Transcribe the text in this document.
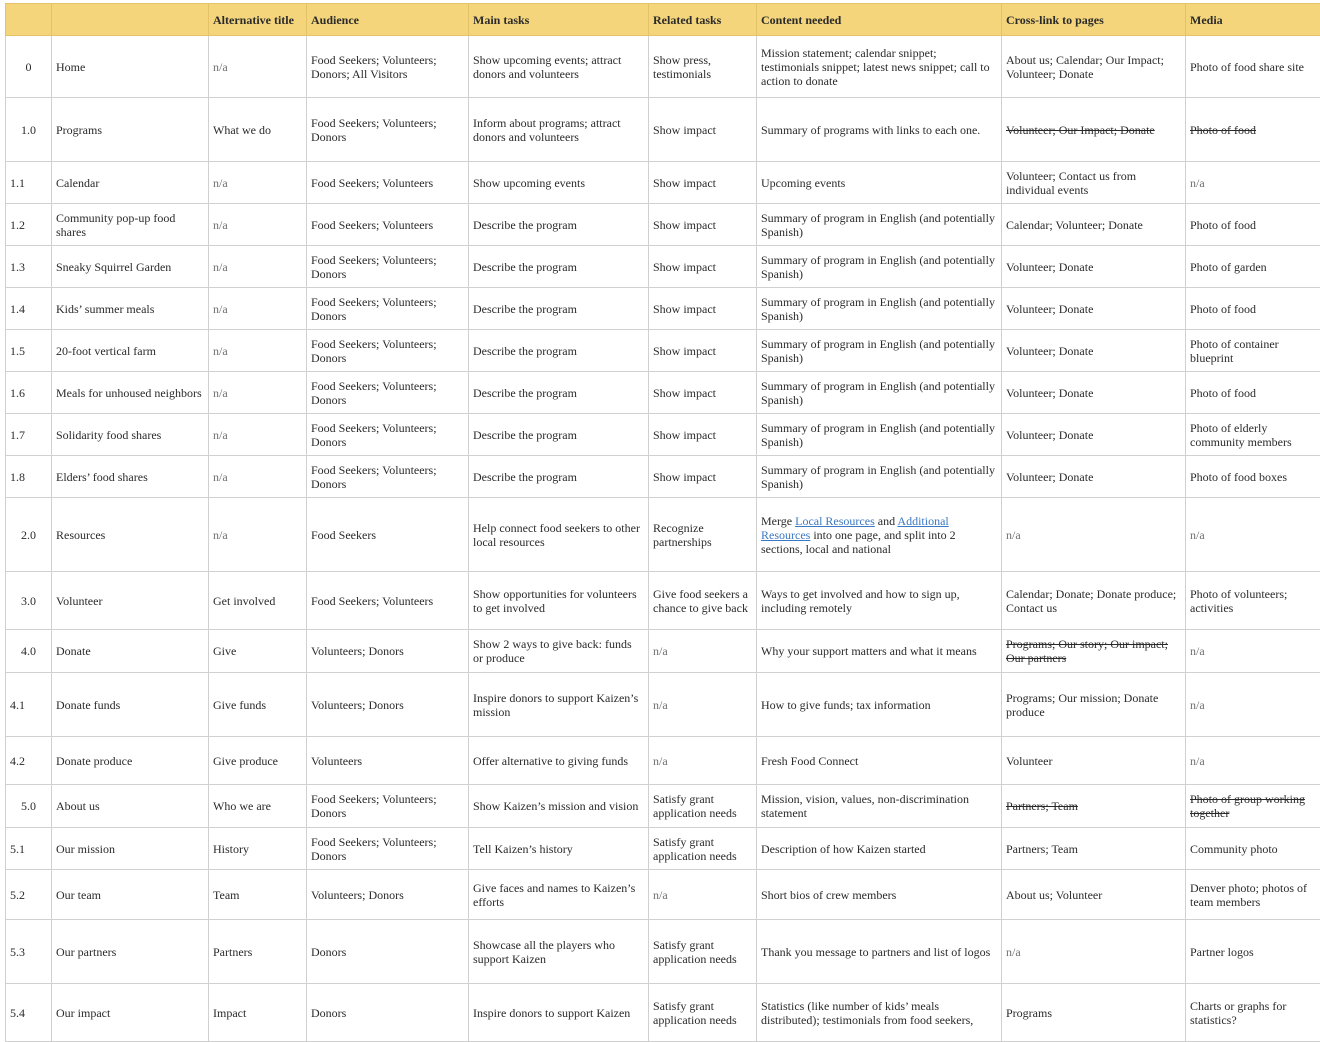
		Alternative title	Audience	Main tasks	Related tasks	Content needed	Cross-link to pages	Media
0	Home	n/a	Food Seekers; Volunteers; Donors; All Visitors	Show upcoming events; attract donors and volunteers	Show press, testimonials	Mission statement; calendar snippet; testimonials snippet; latest news snippet; call to action to donate	About us; Calendar; Our Impact; Volunteer; Donate	Photo of food share site
1.0	Programs	What we do	Food Seekers; Volunteers; Donors	Inform about programs; attract donors and volunteers	Show impact	Summary of programs with links to each one.	Volunteer; Our Impact; Donate	Photo of food
1.1	Calendar	n/a	Food Seekers; Volunteers	Show upcoming events	Show impact	Upcoming events	Volunteer; Contact us from individual events	n/a
1.2	Community pop-up food shares	n/a	Food Seekers; Volunteers	Describe the program	Show impact	Summary of program in English (and potentially Spanish)	Calendar; Volunteer; Donate	Photo of food
1.3	Sneaky Squirrel Garden	n/a	Food Seekers; Volunteers; Donors	Describe the program	Show impact	Summary of program in English (and potentially Spanish)	Volunteer; Donate	Photo of garden
1.4	Kids’ summer meals	n/a	Food Seekers; Volunteers; Donors	Describe the program	Show impact	Summary of program in English (and potentially Spanish)	Volunteer; Donate	Photo of food
1.5	20-foot vertical farm	n/a	Food Seekers; Volunteers; Donors	Describe the program	Show impact	Summary of program in English (and potentially Spanish)	Volunteer; Donate	Photo of container blueprint
1.6	Meals for unhoused neighbors	n/a	Food Seekers; Volunteers; Donors	Describe the program	Show impact	Summary of program in English (and potentially Spanish)	Volunteer; Donate	Photo of food
1.7	Solidarity food shares	n/a	Food Seekers; Volunteers; Donors	Describe the program	Show impact	Summary of program in English (and potentially Spanish)	Volunteer; Donate	Photo of elderly community members
1.8	Elders’ food shares	n/a	Food Seekers; Volunteers; Donors	Describe the program	Show impact	Summary of program in English (and potentially Spanish)	Volunteer; Donate	Photo of food boxes
2.0	Resources	n/a	Food Seekers	Help connect food seekers to other local resources	Recognize partnerships	Merge Local Resources and Additional Resources into one page, and split into 2 sections, local and national	n/a	n/a
3.0	Volunteer	Get involved	Food Seekers; Volunteers	Show opportunities for volunteers to get involved	Give food seekers a chance to give back	Ways to get involved and how to sign up, including remotely	Calendar; Donate; Donate produce; Contact us	Photo of volunteers; activities
4.0	Donate	Give	Volunteers; Donors	Show 2 ways to give back: funds or produce	n/a	Why your support matters and what it means	Programs; Our story; Our impact; Our partners	n/a
4.1	Donate funds	Give funds	Volunteers; Donors	Inspire donors to support Kaizen’s mission	n/a	How to give funds; tax information	Programs; Our mission; Donate produce	n/a
4.2	Donate produce	Give produce	Volunteers	Offer alternative to giving funds	n/a	Fresh Food Connect	Volunteer	n/a
5.0	About us	Who we are	Food Seekers; Volunteers; Donors	Show Kaizen’s mission and vision	Satisfy grant application needs	Mission, vision, values, non-discrimination statement	Partners; Team	Photo of group working together
5.1	Our mission	History	Food Seekers; Volunteers; Donors	Tell Kaizen’s history	Satisfy grant application needs	Description of how Kaizen started	Partners; Team	Community photo
5.2	Our team	Team	Volunteers; Donors	Give faces and names to Kaizen’s efforts	n/a	Short bios of crew members	About us; Volunteer	Denver photo; photos of team members
5.3	Our partners	Partners	Donors	Showcase all the players who support Kaizen	Satisfy grant application needs	Thank you message to partners and list of logos	n/a	Partner logos
5.4	Our impact	Impact	Donors	Inspire donors to support Kaizen	Satisfy grant application needs	Statistics (like number of kids’ meals distributed); testimonials from food seekers,	Programs	Charts or graphs for statistics?
